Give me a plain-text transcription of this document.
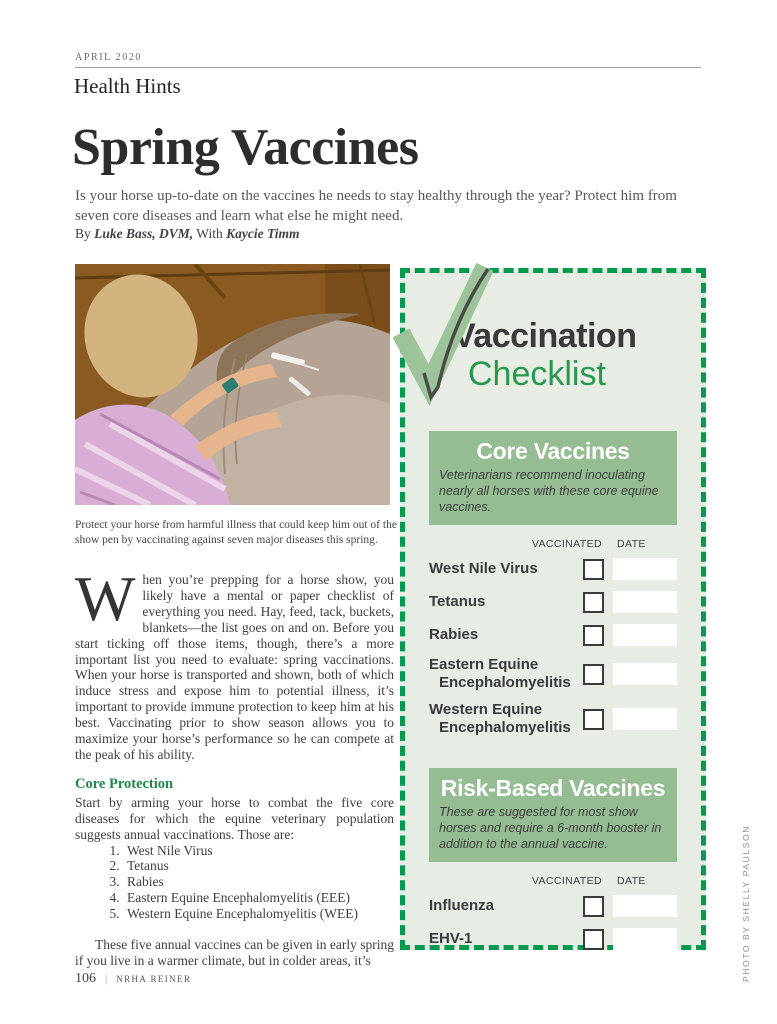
APRIL 2020
Health Hints
Spring Vaccines

Is your horse up-to-date on the vaccines he needs to stay healthy through the year? Protect him from seven core diseases and learn what else he might need.

By Luke Bass, DVM, With Kaycie Timm

Protect your horse from harmful illness that could keep him out of the show pen by vaccinating against seven major diseases this spring.

When you’re prepping for a horse show, you likely have a mental or paper checklist of everything you need. Hay, feed, tack, buckets, blankets—the list goes on and on. Before you start ticking off those items, though, there’s a more important list you need to evaluate: spring vaccinations. When your horse is transported and shown, both of which induce stress and expose him to potential illness, it’s important to provide immune protection to keep him at his best. Vaccinating prior to show season allows you to maximize your horse’s performance so he can compete at the peak of his ability.

Core Protection

Start by arming your horse to combat the five core diseases for which the equine veterinary population suggests annual vaccinations. Those are:

1. West Nile Virus
2. Tetanus
3. Rabies
4. Eastern Equine Encephalomyelitis (EEE)
5. Western Equine Encephalomyelitis (WEE)

These five annual vaccines can be given in early spring if you live in a warmer climate, but in colder areas, it’s

Vaccination
Checklist
Core Vaccines

Veterinarians recommend inoculating nearly all horses with these core equine vaccines.

VACCINATED	DATE
West Nile Virus
Tetanus
Rabies
Eastern Equine
Encephalomyelitis
Western Equine
Encephalomyelitis
Risk-Based Vaccines

These are suggested for most show horses and require a 6-month booster in addition to the annual vaccine.

VACCINATED	DATE
Influenza
EHV-1
106 | NRHA REINER	PHOTO BY SHELLY PAULSON
